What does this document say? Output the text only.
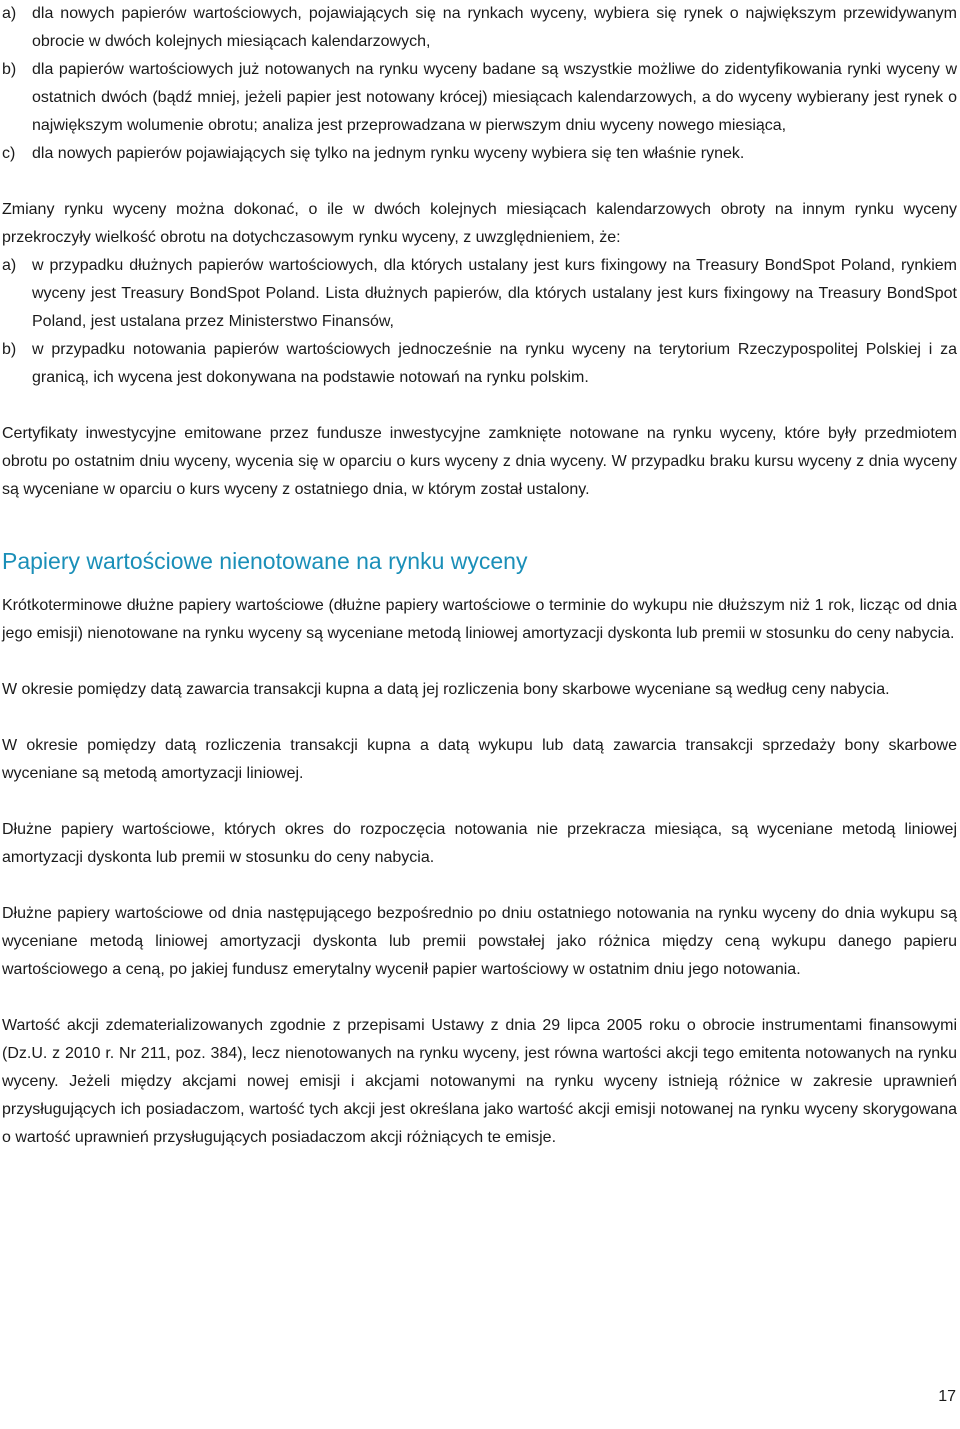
a) dla nowych papierów wartościowych, pojawiających się na rynkach wyceny, wybiera się rynek o największym przewidywanym obrocie w dwóch kolejnych miesiącach kalendarzowych,
b) dla papierów wartościowych już notowanych na rynku wyceny badane są wszystkie możliwe do zidentyfikowania rynki wyceny w ostatnich dwóch (bądź mniej, jeżeli papier jest notowany krócej) miesiącach kalendarzowych, a do wyceny wybierany jest rynek o największym wolumenie obrotu; analiza jest przeprowadzana w pierwszym dniu wyceny nowego miesiąca,
c)	dla nowych papierów pojawiających się tylko na jednym rynku wyceny wybiera się ten właśnie rynek.

Zmiany rynku wyceny można dokonać, o ile w dwóch kolejnych miesiącach kalendarzowych obroty na innym rynku wyceny przekroczyły wielkość obrotu na dotychczasowym rynku wyceny, z uwzględnieniem, że:

a) w przypadku dłużnych papierów wartościowych, dla których ustalany jest kurs fixingowy na Treasury BondSpot Poland, rynkiem wyceny jest Treasury BondSpot Poland. Lista dłużnych papierów, dla których ustalany jest kurs fixingowy na Treasury BondSpot Poland, jest ustalana przez Ministerstwo Finansów,
b) w przypadku notowania papierów wartościowych jednocześnie na rynku wyceny na terytorium Rzeczypospolitej Polskiej i za granicą, ich wycena jest dokonywana na podstawie notowań na rynku polskim.

Certyfikaty inwestycyjne emitowane przez fundusze inwestycyjne zamknięte notowane na rynku wyceny, które były przedmiotem obrotu po ostatnim dniu wyceny, wycenia się w oparciu o kurs wyceny z dnia wyceny. W przypadku braku kursu wyceny z dnia wyceny są wyceniane w oparciu o kurs wyceny z ostatniego dnia, w którym został ustalony.

Papiery wartościowe nienotowane na rynku wyceny

Krótkoterminowe dłużne papiery wartościowe (dłużne papiery wartościowe o terminie do wykupu nie dłuższym niż 1 rok, licząc od dnia jego emisji) nienotowane na rynku wyceny są wyceniane metodą liniowej amortyzacji dyskonta lub premii w stosunku do ceny nabycia.

W okresie pomiędzy datą zawarcia transakcji kupna a datą jej rozliczenia bony skarbowe wyceniane są według ceny nabycia.

W okresie pomiędzy datą rozliczenia transakcji kupna a datą wykupu lub datą zawarcia transakcji sprzedaży bony skarbowe wyceniane są metodą amortyzacji liniowej.

Dłużne papiery wartościowe, których okres do rozpoczęcia notowania nie przekracza miesiąca, są wyceniane metodą liniowej amortyzacji dyskonta lub premii w stosunku do ceny nabycia.

Dłużne papiery wartościowe od dnia następującego bezpośrednio po dniu ostatniego notowania na rynku wyceny do dnia wykupu są wyceniane metodą liniowej amortyzacji dyskonta lub premii powstałej jako różnica między ceną wykupu danego papieru wartościowego a ceną, po jakiej fundusz emerytalny wycenił papier wartościowy w ostatnim dniu jego notowania.

Wartość akcji zdematerializowanych zgodnie z przepisami Ustawy z dnia 29 lipca 2005 roku o obrocie instrumentami finansowymi (Dz.U. z 2010 r. Nr 211, poz. 384), lecz nienotowanych na rynku wyceny, jest równa wartości akcji tego emitenta notowanych na rynku wyceny. Jeżeli między akcjami nowej emisji i akcjami notowanymi na rynku wyceny istnieją różnice w zakresie uprawnień przysługujących ich posiadaczom, wartość tych akcji jest określana jako wartość akcji emisji notowanej na rynku wyceny skorygowana o wartość uprawnień przysługujących posiadaczom akcji różniących te emisje.

17
